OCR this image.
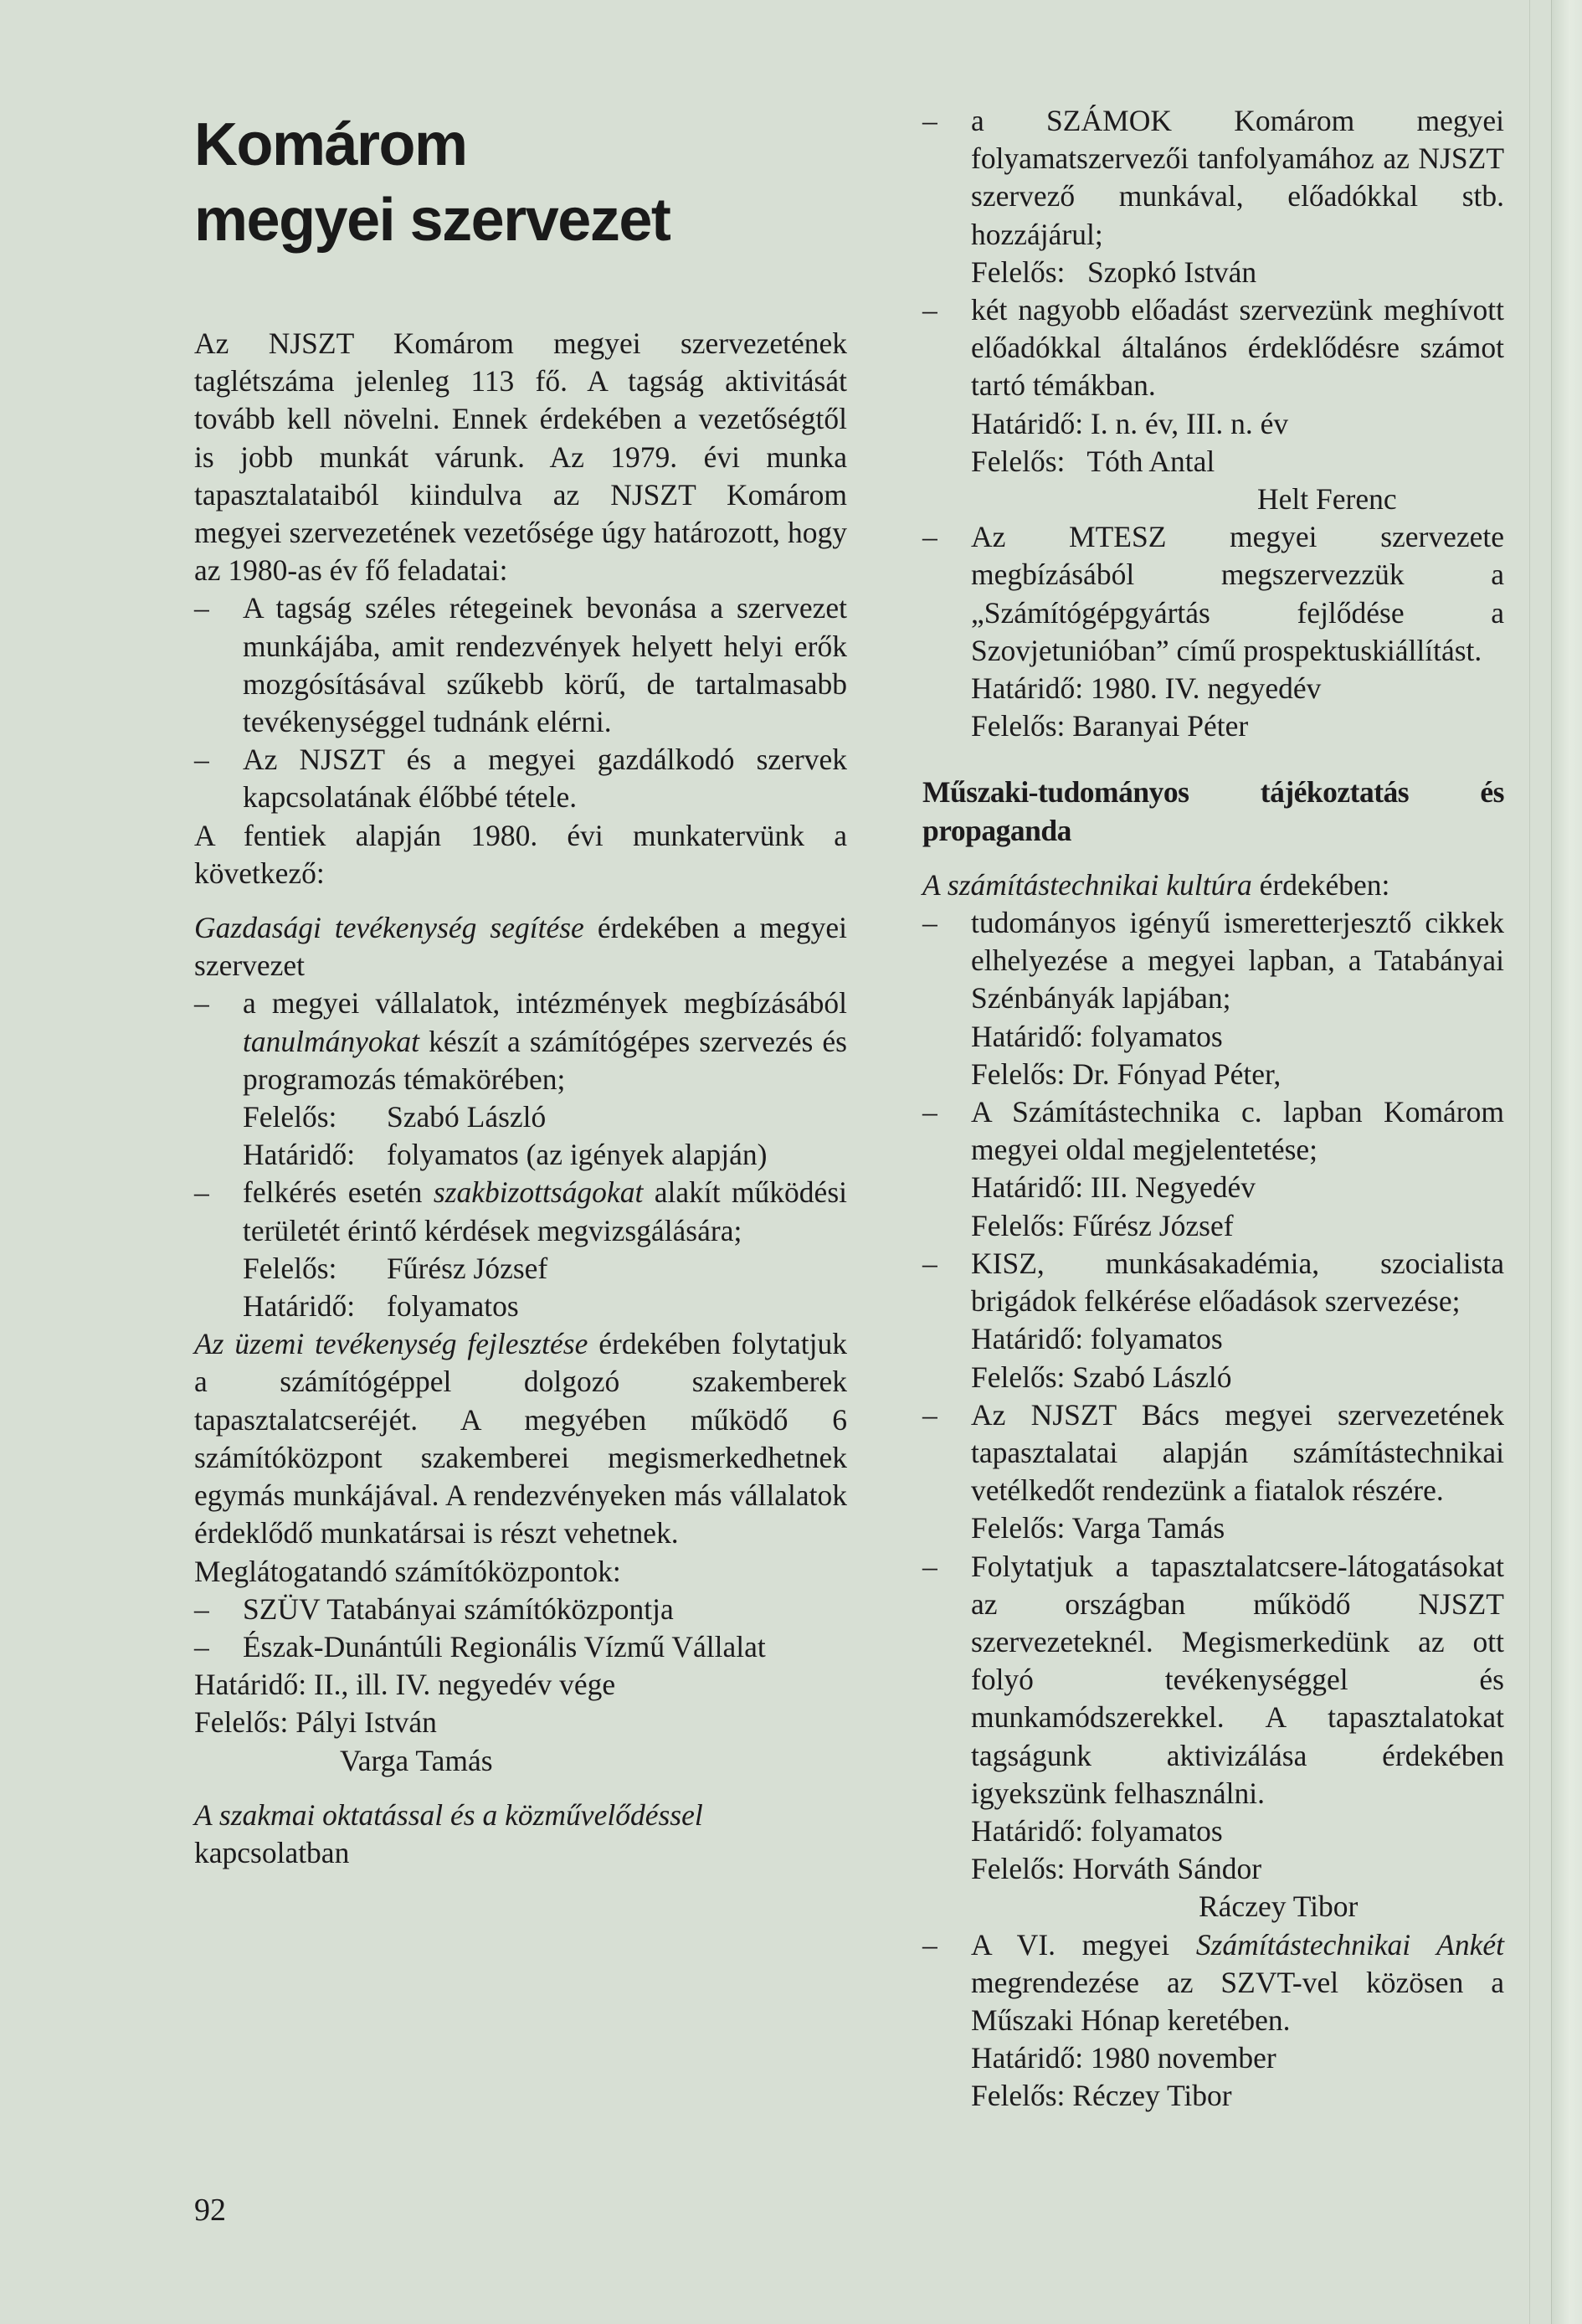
Komárom
megyei szervezet

Az NJSZT Komárom megyei szervezetének taglétszáma jelenleg 113 fő. A tagság aktivitását tovább kell növelni. Ennek érdekében a vezetőségtől is jobb munkát várunk. Az 1979. évi munka tapasztalataiból kiindulva az NJSZT Komárom megyei szervezetének vezetősége úgy határozott, hogy az 1980-as év fő feladatai:

– A tagság széles rétegeinek bevonása a szervezet munkájába, amit rendezvények helyett helyi erők mozgósításával szűkebb körű, de tartalmasabb tevékenységgel tudnánk elérni.
– Az NJSZT és a megyei gazdálkodó szervek kapcsolatának élőbbé tétele.

A fentiek alapján 1980. évi munkatervünk a következő:

Gazdasági tevékenység segítése érdekében a megyei szervezet

– a megyei vállalatok, intézmények megbízásából tanulmányokat készít a számítógépes szervezés és programozás témakörében;
Felelős: Szabó László
Határidő: folyamatos (az igények alapján)
– felkérés esetén szakbizottságokat alakít működési területét érintő kérdések megvizsgálására;
Felelős: Fűrész József
Határidő: folyamatos

Az üzemi tevékenység fejlesztése érdekében folytatjuk a számítógéppel dolgozó szakemberek tapasztalatcseréjét. A megyében működő 6 számítóközpont szakemberei megismerkedhetnek egymás munkájával. A rendezvényeken más vállalatok érdeklődő munkatársai is részt vehetnek.

Meglátogatandó számítóközpontok:

– SZÜV Tatabányai számítóközpontja
– Észak-Dunántúli Regionális Vízmű Vállalat

Határidő: II., ill. IV. negyedév vége

Felelős: Pályi István

Varga Tamás

A szakmai oktatással és a közművelődéssel

kapcsolatban

92
– a SZÁMOK Komárom megyei folyamatszervezői tanfolyamához az NJSZT szervező munkával, előadókkal stb. hozzájárul;
Felelős:   Szopkó István
– két nagyobb előadást szervezünk meghívott előadókkal általános érdeklődésre számot tartó témákban.
Határidő: I. n. év, III. n. év
Felelős:   Tóth Antal
Helt Ferenc
– Az MTESZ megyei szervezete megbízásából megszervezzük a „Számítógépgyártás fejlődése a Szovjetunióban” című prospektuskiállítást.
Határidő: 1980. IV. negyedév
Felelős: Baranyai Péter

Műszaki-tudományos tájékoztatás és propaganda

A számítástechnikai kultúra érdekében:

– tudományos igényű ismeretterjesztő cikkek elhelyezése a megyei lapban, a Tatabányai Szénbányák lapjában;
Határidő: folyamatos
Felelős: Dr. Fónyad Péter,
– A Számítástechnika c. lapban Komárom megyei oldal megjelentetése;
Határidő: III. Negyedév
Felelős: Fűrész József
– KISZ, munkásakadémia, szocialista brigádok felkérése előadások szervezése;
Határidő: folyamatos
Felelős: Szabó László
– Az NJSZT Bács megyei szervezetének tapasztalatai alapján számítástechnikai vetélkedőt rendezünk a fiatalok részére.
Felelős: Varga Tamás
– Folytatjuk a tapasztalatcsere-látogatásokat az országban működő NJSZT szervezeteknél. Megismerkedünk az ott folyó tevékenységgel és munkamódszerekkel. A tapasztalatokat tagságunk aktivizálása érdekében igyekszünk felhasználni.
Határidő: folyamatos
Felelős: Horváth Sándor
Ráczey Tibor
– A VI. megyei Számítástechnikai Ankét megrendezése az SZVT-vel közösen a Műszaki Hónap keretében.
Határidő: 1980 november
Felelős: Réczey Tibor
